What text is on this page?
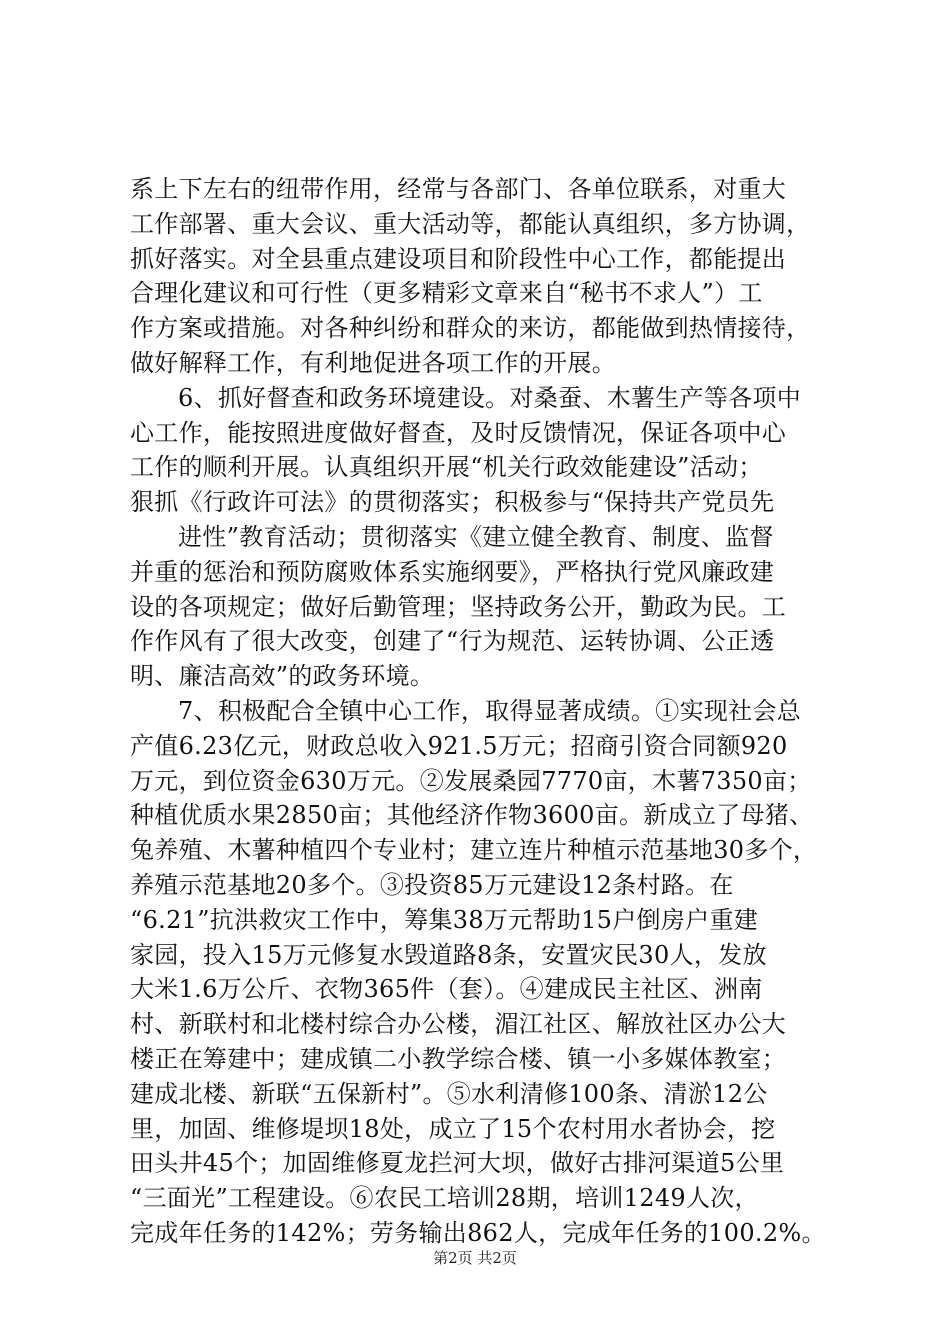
系上下左右的纽带作用，经常与各部门、各单位联系，对重大
工作部署、重大会议、重大活动等，都能认真组织，多方协调，
抓好落实。对全县重点建设项目和阶段性中心工作，都能提出
合理化建议和可行性（更多精彩文章来自“秘书不求人”）工
作方案或措施。对各种纠纷和群众的来访，都能做到热情接待，
做好解释工作，有利地促进各项工作的开展。
6、抓好督查和政务环境建设。对桑蚕、木薯生产等各项中
心工作，能按照进度做好督查，及时反馈情况，保证各项中心
工作的顺利开展。认真组织开展“机关行政效能建设”活动；
狠抓《行政许可法》的贯彻落实；积极参与“保持共产党员先
进性”教育活动；贯彻落实《建立健全教育、制度、监督
并重的惩治和预防腐败体系实施纲要》，严格执行党风廉政建
设的各项规定；做好后勤管理；坚持政务公开，勤政为民。工
作作风有了很大改变，创建了“行为规范、运转协调、公正透
明、廉洁高效”的政务环境。
7、积极配合全镇中心工作，取得显著成绩。①实现社会总
产值6.23亿元，财政总收入921.5万元；招商引资合同额920
万元，到位资金630万元。②发展桑园7770亩，木薯7350亩；
种植优质水果2850亩；其他经济作物3600亩。新成立了母猪、
兔养殖、木薯种植四个专业村；建立连片种植示范基地30多个，
养殖示范基地20多个。③投资85万元建设12条村路。在
“6.21”抗洪救灾工作中，筹集38万元帮助15户倒房户重建
家园，投入15万元修复水毁道路8条，安置灾民30人，发放
大米1.6万公斤、衣物365件（套）。④建成民主社区、洲南
村、新联村和北楼村综合办公楼，湄江社区、解放社区办公大
楼正在筹建中；建成镇二小教学综合楼、镇一小多媒体教室；
建成北楼、新联“五保新村”。⑤水利清修100条、清淤12公
里，加固、维修堤坝18处，成立了15个农村用水者协会，挖
田头井45个；加固维修夏龙拦河大坝，做好古排河渠道5公里
“三面光”工程建设。⑥农民工培训28期，培训1249人次，
完成年任务的142%；劳务输出862人，完成年任务的100.2%。
第2页 共2页
